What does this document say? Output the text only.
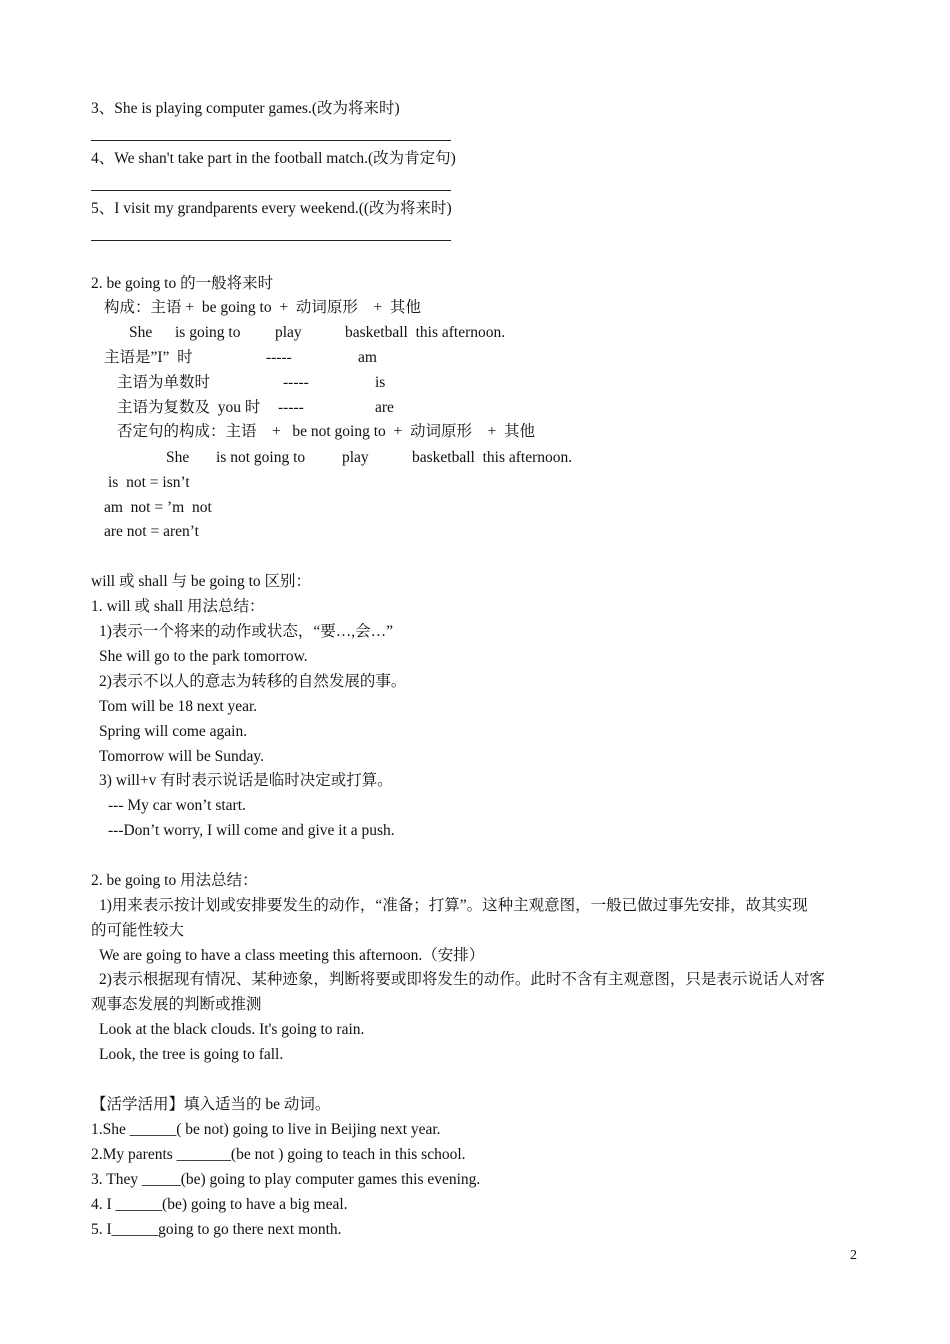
3、She is playing computer games.(改为将来时)
4、We shan't take part in the football match.(改为肯定句)
5、I visit my grandparents every weekend.((改为将来时)
2. be going to 的一般将来时
构成：主语 +  be going to  +  动词原形    +  其他
She is going to play	basketball  this afternoon.
主语是”I”  时	-----	am
主语为单数时	-----	is
主语为复数及  you 时 -----	are
否定句的构成：主语    +   be not going to  +  动词原形    +  其他
She is not going to play	basketball  this afternoon.
is  not = isn’t
am  not = ’m  not
are not = aren’t
will 或 shall 与 be going to 区别：
1. will 或 shall 用法总结：
1)表示一个将来的动作或状态，“要…,会…”
She will go to the park tomorrow.
2)表示不以人的意志为转移的自然发展的事。
Tom will be 18 next year.
Spring will come again.
Tomorrow will be Sunday.
3) will+v 有时表示说话是临时决定或打算。
--- My car won’t start.
---Don’t worry, I will come and give it a push.
2. be going to 用法总结：
1)用来表示按计划或安排要发生的动作，“准备；打算”。这种主观意图，一般已做过事先安排，故其实现
的可能性较大
We are going to have a class meeting this afternoon.（安排）
2)表示根据现有情况、某种迹象，判断将要或即将发生的动作。此时不含有主观意图，只是表示说话人对客
观事态发展的判断或推测
Look at the black clouds. It's going to rain.
Look, the tree is going to fall.
【活学活用】填入适当的 be 动词。
1.She ______( be not) going to live in Beijing next year.
2.My parents _______(be not ) going to teach in this school.
3. They _____(be) going to play computer games this evening.
4. I ______(be) going to have a big meal.
5. I______going to go there next month.
2
